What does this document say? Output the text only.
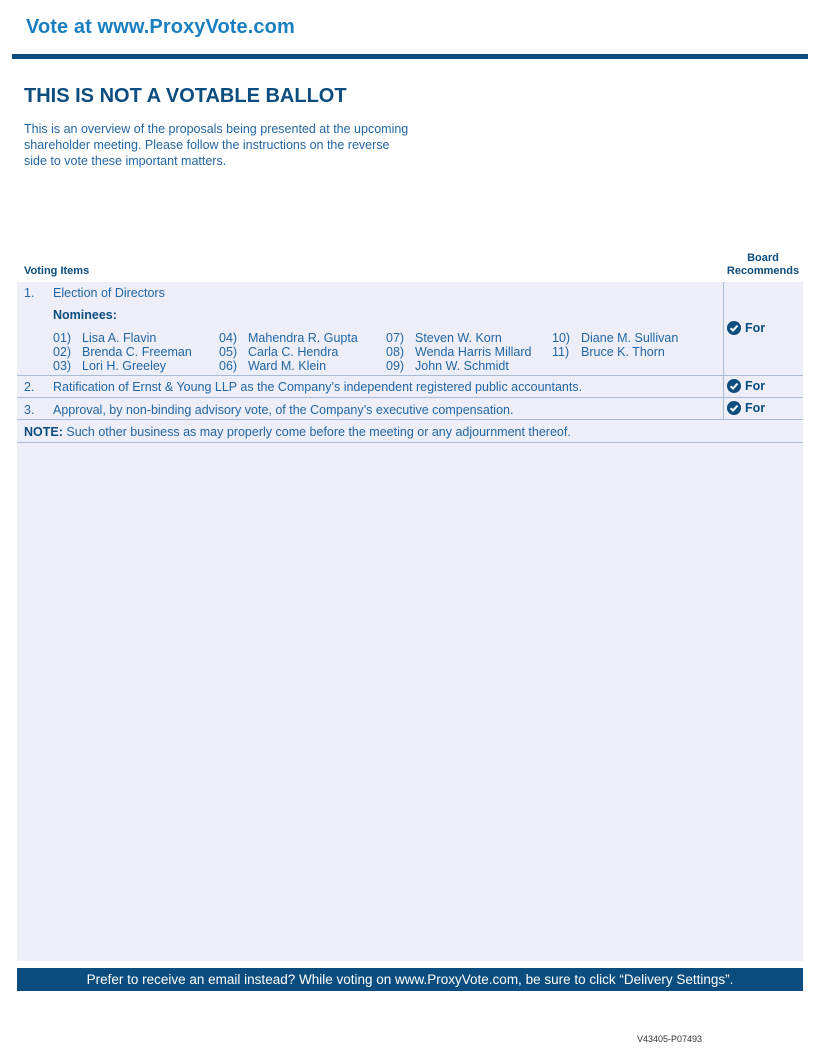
Vote at www.ProxyVote.com
THIS IS NOT A VOTABLE BALLOT
This is an overview of the proposals being presented at the upcoming shareholder meeting. Please follow the instructions on the reverse side to vote these important matters.
Voting Items
Board
Recommends
1. Election of Directors
Nominees:
01) Lisa A. Flavin
02) Brenda C. Freeman
03) Lori H. Greeley
04) Mahendra R. Gupta
05) Carla C. Hendra
06) Ward M. Klein
07) Steven W. Korn
08) Wenda Harris Millard
09) John W. Schmidt
10) Diane M. Sullivan
11) Bruce K. Thorn
For
2. Ratification of Ernst & Young LLP as the Company’s independent registered public accountants.	For
3. Approval, by non-binding advisory vote, of the Company’s executive compensation.	For
NOTE: Such other business as may properly come before the meeting or any adjournment thereof.
Prefer to receive an email instead? While voting on www.ProxyVote.com, be sure to click “Delivery Settings”.
V43405-P07493
